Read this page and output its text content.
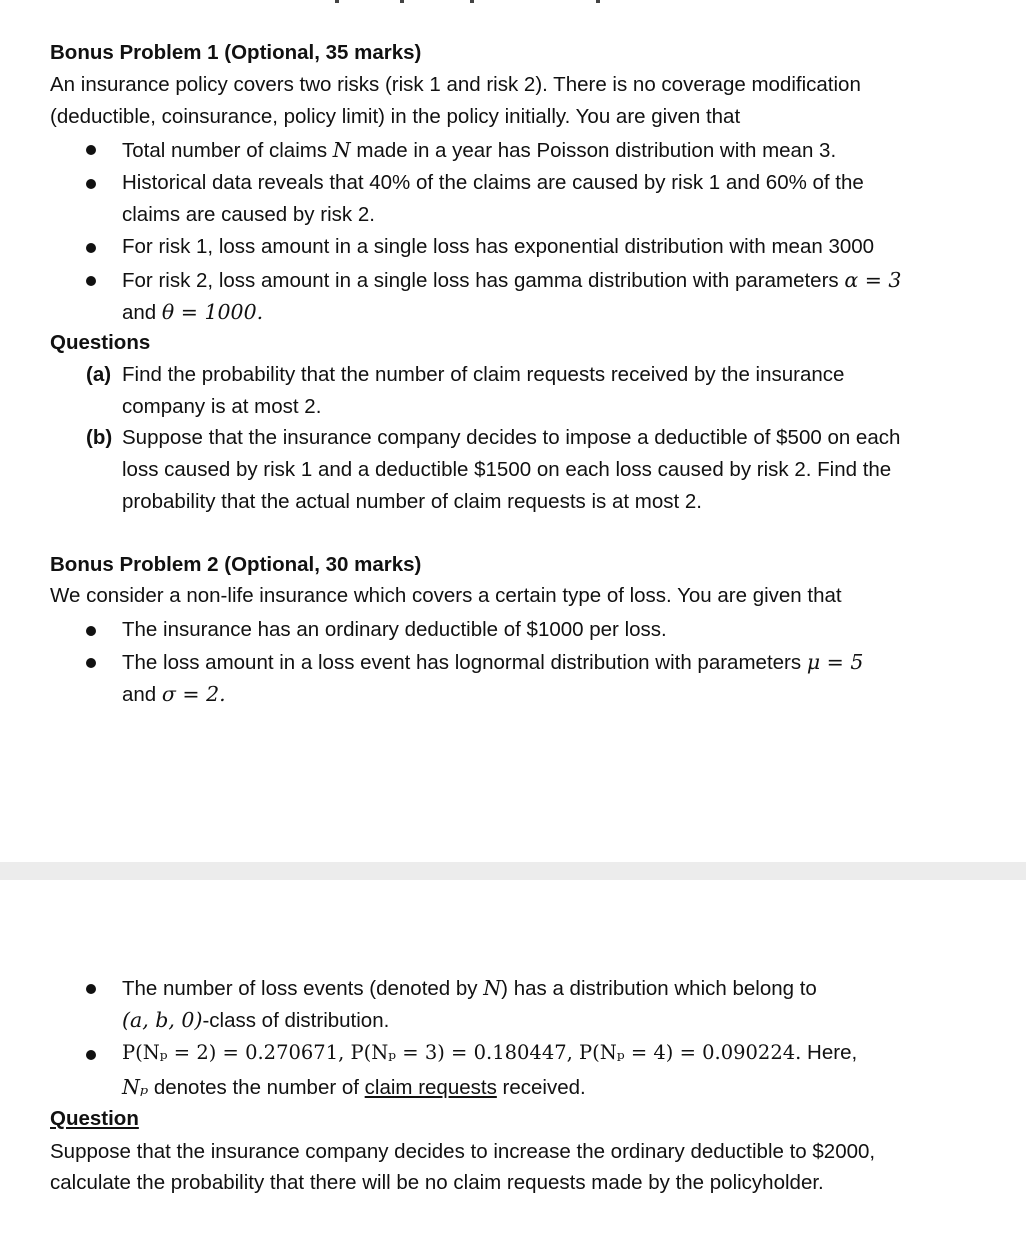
Bonus Problem 1 (Optional, 35 marks)
An insurance policy covers two risks (risk 1 and risk 2). There is no coverage modification
(deductible, coinsurance, policy limit) in the policy initially. You are given that
Total number of claims N made in a year has Poisson distribution with mean 3.
Historical data reveals that 40% of the claims are caused by risk 1 and 60% of the
claims are caused by risk 2.
For risk 1, loss amount in a single loss has exponential distribution with mean 3000
For risk 2, loss amount in a single loss has gamma distribution with parameters α = 3
and θ = 1000.
Questions
(a) Find the probability that the number of claim requests received by the insurance
company is at most 2.
(b) Suppose that the insurance company decides to impose a deductible of $500 on each
loss caused by risk 1 and a deductible $1500 on each loss caused by risk 2. Find the
probability that the actual number of claim requests is at most 2.
Bonus Problem 2 (Optional, 30 marks)
We consider a non-life insurance which covers a certain type of loss. You are given that
The insurance has an ordinary deductible of $1000 per loss.
The loss amount in a loss event has lognormal distribution with parameters μ = 5
and σ = 2.
The number of loss events (denoted by N) has a distribution which belong to
(a, b, 0)-class of distribution.
P(Nₚ = 2) = 0.270671, P(Nₚ = 3) = 0.180447, P(Nₚ = 4) = 0.090224. Here,
Nₚ denotes the number of claim requests received.
Question
Suppose that the insurance company decides to increase the ordinary deductible to $2000,
calculate the probability that there will be no claim requests made by the policyholder.
